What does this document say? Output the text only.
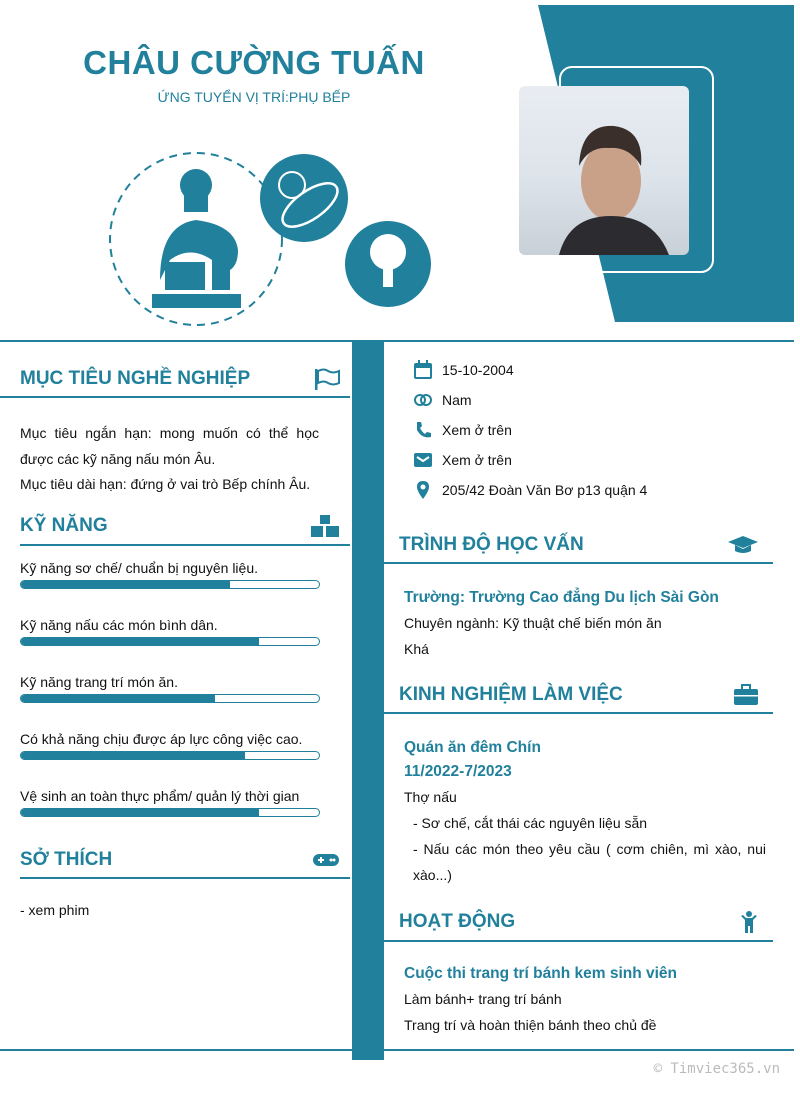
CHÂU CƯỜNG TUẤN
ỨNG TUYỂN VỊ TRÍ:PHỤ BẾP
MỤC TIÊU NGHỀ NGHIỆP
Mục tiêu ngắn hạn: mong muốn có thể học được các kỹ năng nấu món Âu.
Mục tiêu dài hạn: đứng ở vai trò Bếp chính Âu.
KỸ NĂNG
Kỹ năng sơ chế/ chuẩn bị nguyên liệu.
Kỹ năng nấu các món bình dân.
Kỹ năng trang trí món ăn.
Có khả năng chịu được áp lực công việc cao.
Vệ sinh an toàn thực phẩm/ quản lý thời gian
SỞ THÍCH
- xem phim
15-10-2004
Nam
Xem ở trên
Xem ở trên
205/42 Đoàn Văn Bơ p13 quận 4
TRÌNH ĐỘ HỌC VẤN
Trường: Trường Cao đẳng Du lịch Sài Gòn
Chuyên ngành: Kỹ thuật chế biến món ăn
Khá
KINH NGHIỆM LÀM VIỆC
Quán ăn đêm Chín
11/2022-7/2023
Thợ nấu
- Sơ chế, cắt thái các nguyên liệu sẵn
- Nấu các món theo yêu cầu ( cơm chiên, mì xào, nui xào...)
HOẠT ĐỘNG
Cuộc thi trang trí bánh kem sinh viên
Làm bánh+ trang trí bánh
Trang trí và hoàn thiện bánh theo chủ đề
© Timviec365.vn
